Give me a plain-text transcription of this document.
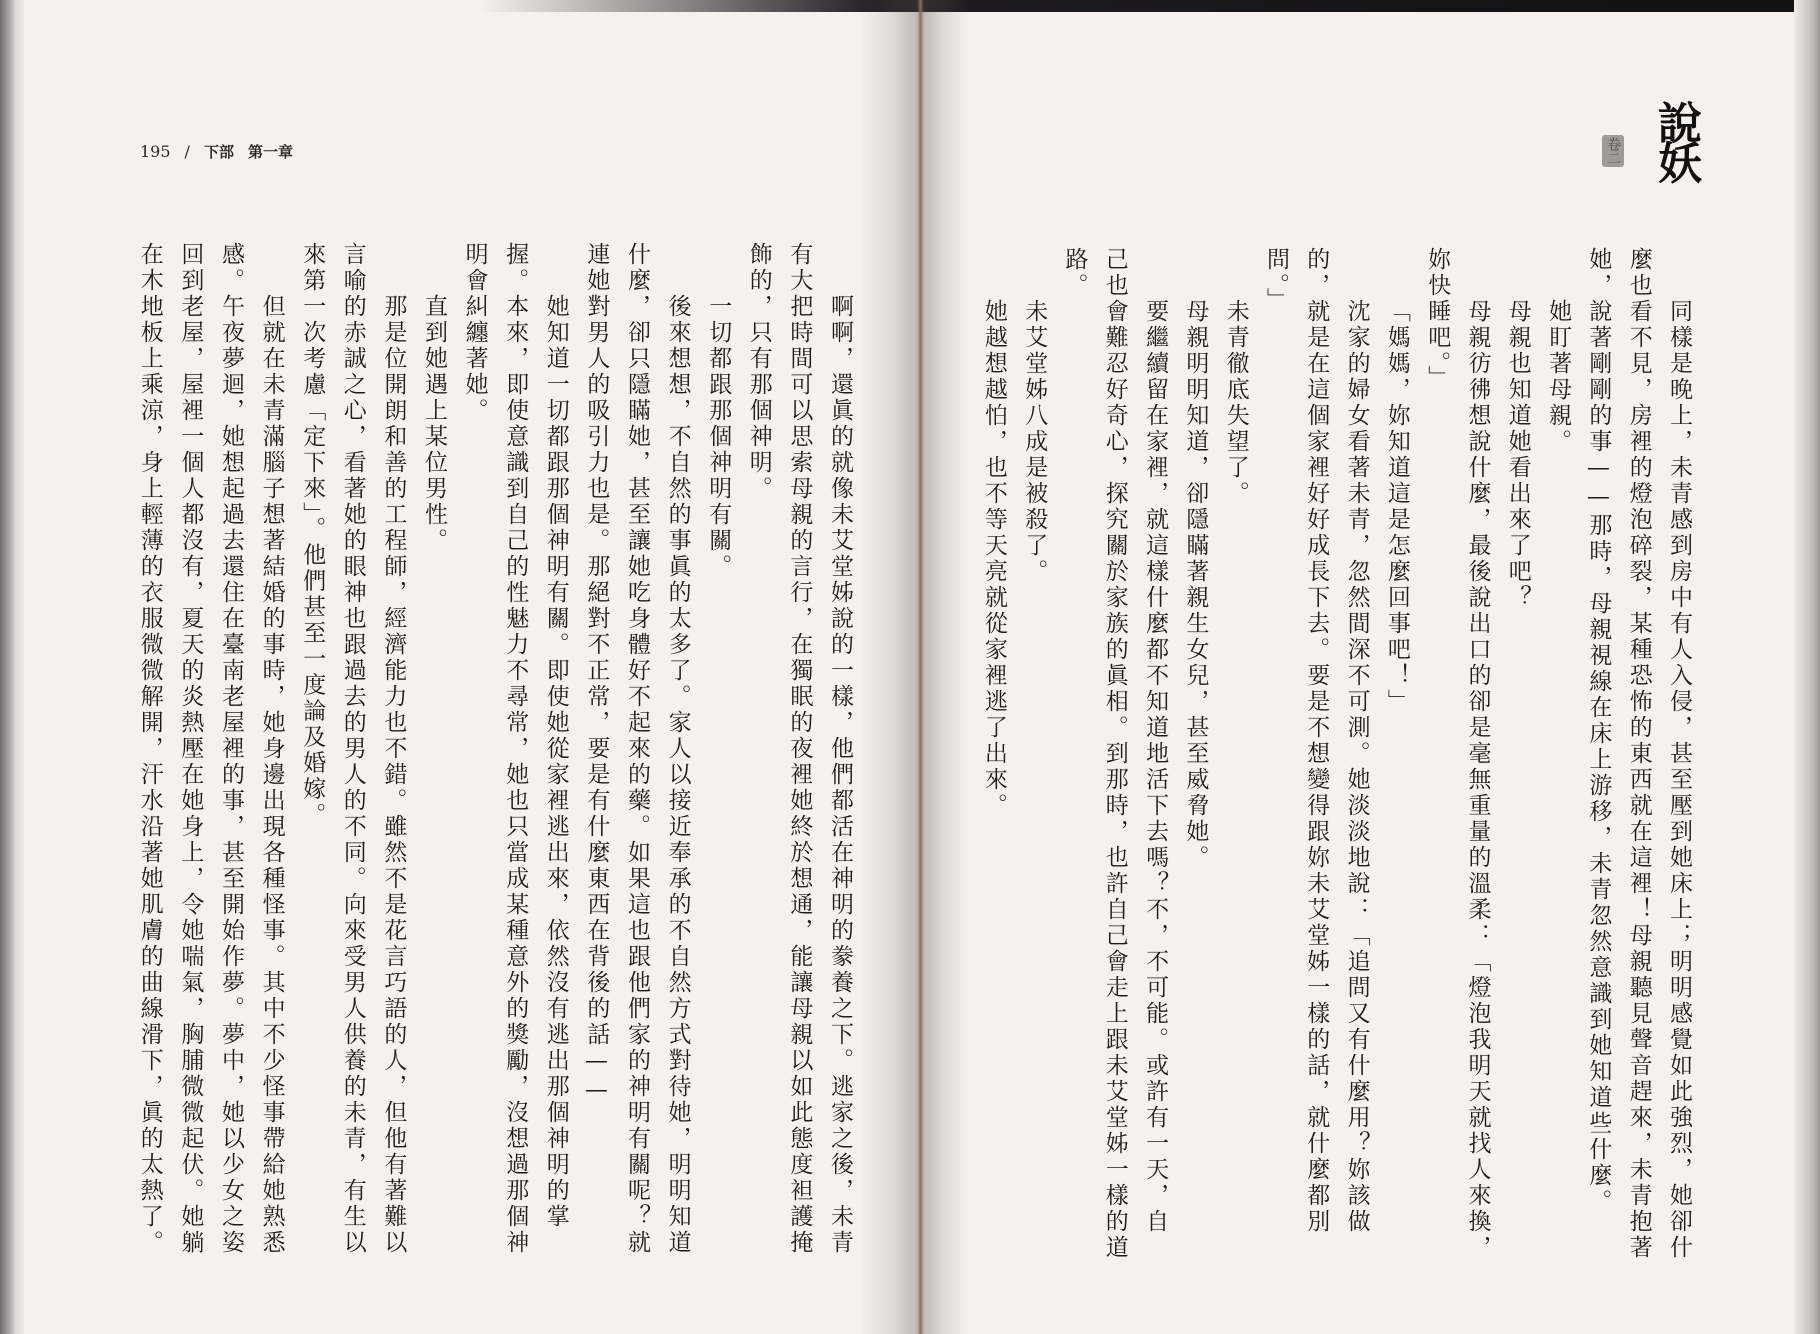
195 / 下部 第一章	說妖
卷二
啊啊，還眞的就像未艾堂姊說的一樣，他們都活在神明的豢養之下。逃家之後，未青
有大把時間可以思索母親的言行，在獨眠的夜裡她終於想通，能讓母親以如此態度袒護掩
飾的，只有那個神明。
一切都跟那個神明有關。
後來想想，不自然的事眞的太多了。家人以接近奉承的不自然方式對待她，明明知道
什麼，卻只隱瞞她，甚至讓她吃身體好不起來的藥。如果這也跟他們家的神明有關呢？就
連她對男人的吸引力也是。那絕對不正常，要是有什麼東西在背後的話——
她知道一切都跟那個神明有關。即使她從家裡逃出來，依然沒有逃出那個神明的掌
握。本來，即使意識到自己的性魅力不尋常，她也只當成某種意外的獎勵，沒想過那個神
明會糾纏著她。
直到她遇上某位男性。
那是位開朗和善的工程師，經濟能力也不錯。雖然不是花言巧語的人，但他有著難以
言喻的赤誠之心，看著她的眼神也跟過去的男人的不同。向來受男人供養的未青，有生以
來第一次考慮「定下來」。他們甚至一度論及婚嫁。
但就在未青滿腦子想著結婚的事時，她身邊出現各種怪事。其中不少怪事帶給她熟悉
感。午夜夢迴，她想起過去還住在臺南老屋裡的事，甚至開始作夢。夢中，她以少女之姿
回到老屋，屋裡一個人都沒有，夏天的炎熱壓在她身上，令她喘氣，胸脯微微起伏。她躺
在木地板上乘涼，身上輕薄的衣服微微解開，汗水沿著她肌膚的曲線滑下，眞的太熱了。	同樣是晚上，未青感到房中有人入侵，甚至壓到她床上；明明感覺如此強烈，她卻什
麼也看不見，房裡的燈泡碎裂，某種恐怖的東西就在這裡！母親聽見聲音趕來，未青抱著
她，說著剛剛的事——那時，母親視線在床上游移，未青忽然意識到她知道些什麼。
她盯著母親。
母親也知道她看出來了吧？
母親彷彿想說什麼，最後說出口的卻是毫無重量的溫柔：「燈泡我明天就找人來換，
妳快睡吧。」
「媽媽，妳知道這是怎麼回事吧！」
沈家的婦女看著未青，忽然間深不可測。她淡淡地說：「追問又有什麼用？妳該做
的，就是在這個家裡好好成長下去。要是不想變得跟妳未艾堂姊一樣的話，就什麼都別
問。」
未青徹底失望了。
母親明明知道，卻隱瞞著親生女兒，甚至威脅她。
要繼續留在家裡，就這樣什麼都不知道地活下去嗎？不，不可能。或許有一天，自
己也會難忍好奇心，探究關於家族的眞相。到那時，也許自己會走上跟未艾堂姊一樣的道
路。
未艾堂姊八成是被殺了。
她越想越怕，也不等天亮就從家裡逃了出來。
